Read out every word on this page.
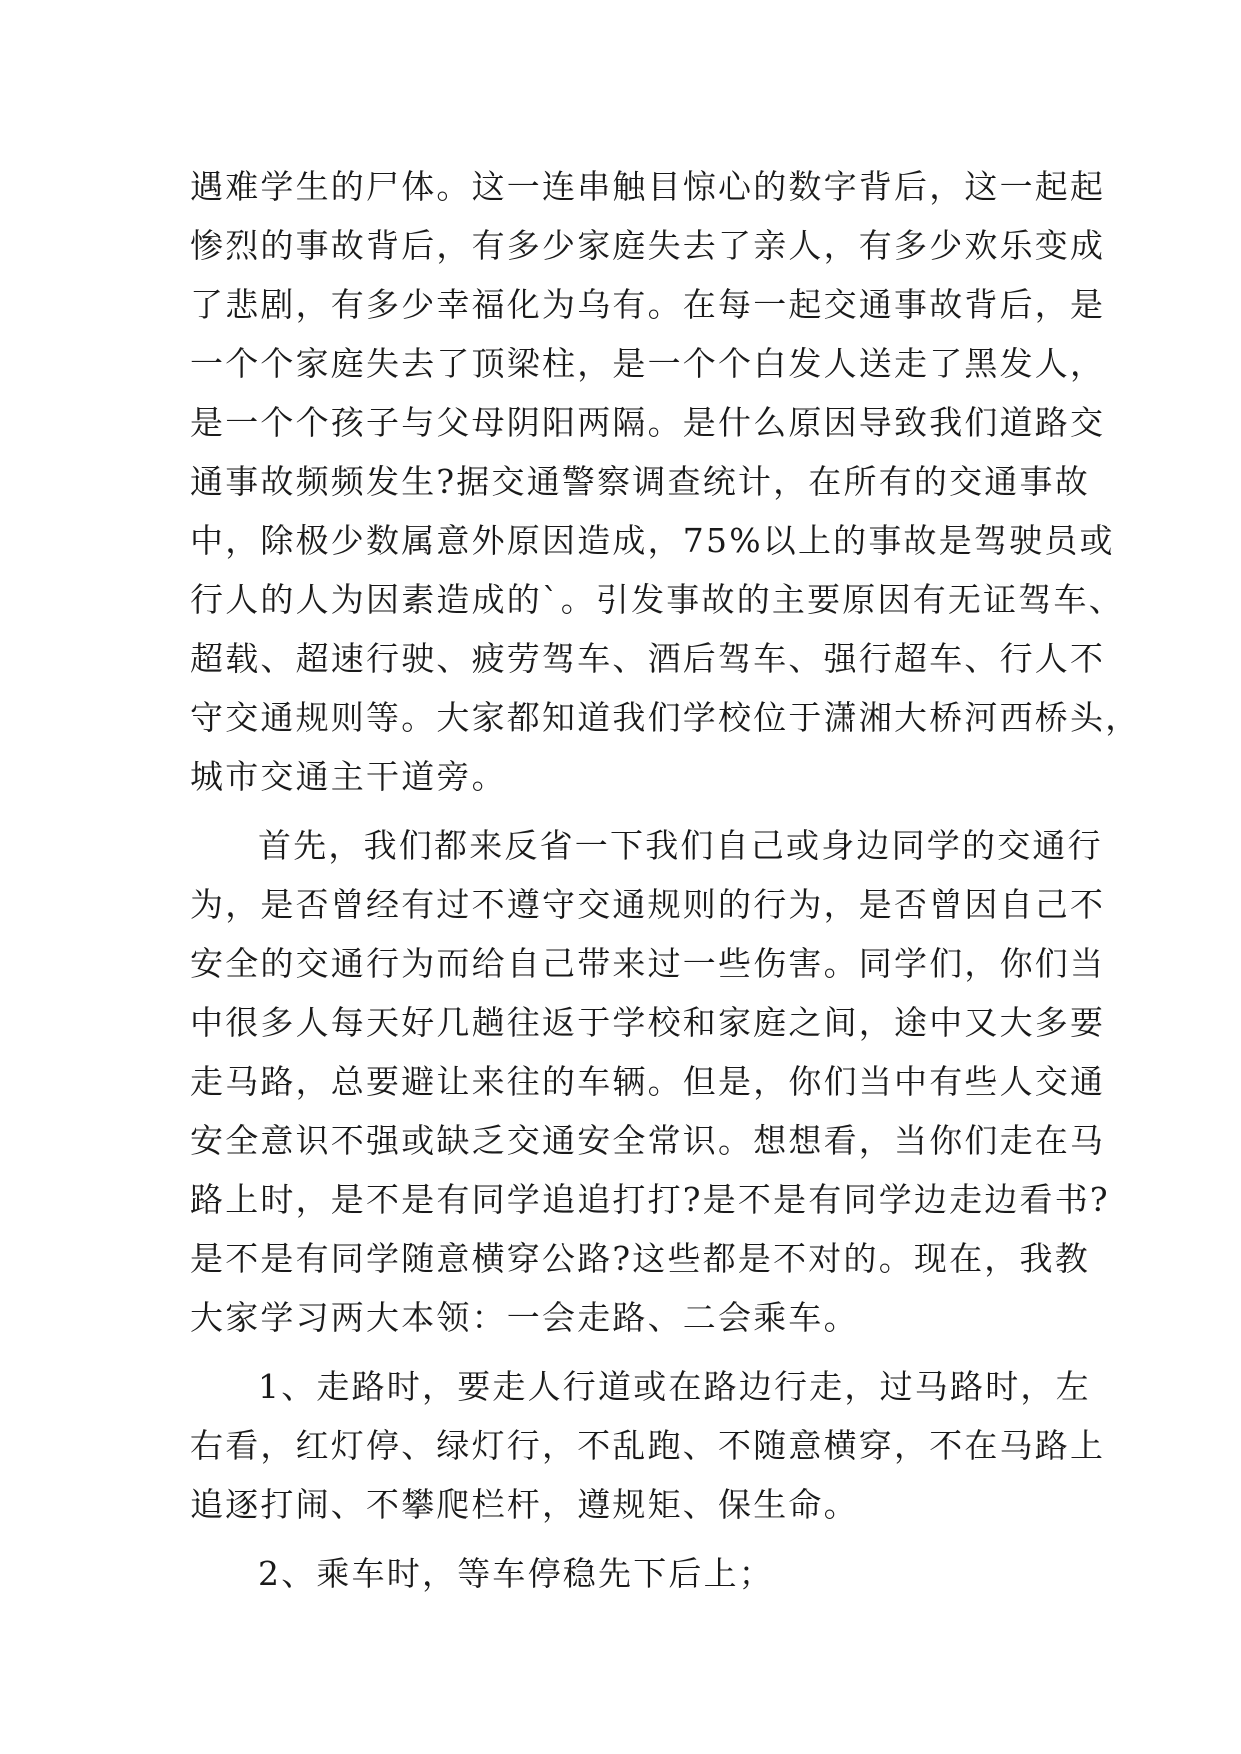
遇难学生的尸体。这一连串触目惊心的数字背后，这一起起
惨烈的事故背后，有多少家庭失去了亲人，有多少欢乐变成
了悲剧，有多少幸福化为乌有。在每一起交通事故背后，是
一个个家庭失去了顶梁柱，是一个个白发人送走了黑发人，
是一个个孩子与父母阴阳两隔。是什么原因导致我们道路交
通事故频频发生?据交通警察调查统计，在所有的交通事故
中，除极少数属意外原因造成，75%以上的事故是驾驶员或
行人的人为因素造成的`。引发事故的主要原因有无证驾车、
超载、超速行驶、疲劳驾车、酒后驾车、强行超车、行人不
守交通规则等。大家都知道我们学校位于潇湘大桥河西桥头，
城市交通主干道旁。
首先，我们都来反省一下我们自己或身边同学的交通行
为，是否曾经有过不遵守交通规则的行为，是否曾因自己不
安全的交通行为而给自己带来过一些伤害。同学们，你们当
中很多人每天好几趟往返于学校和家庭之间，途中又大多要
走马路，总要避让来往的车辆。但是，你们当中有些人交通
安全意识不强或缺乏交通安全常识。想想看，当你们走在马
路上时，是不是有同学追追打打?是不是有同学边走边看书?
是不是有同学随意横穿公路?这些都是不对的。现在，我教
大家学习两大本领：一会走路、二会乘车。
1、走路时，要走人行道或在路边行走，过马路时，左
右看，红灯停、绿灯行，不乱跑、不随意横穿，不在马路上
追逐打闹、不攀爬栏杆，遵规矩、保生命。
2、乘车时，等车停稳先下后上；
